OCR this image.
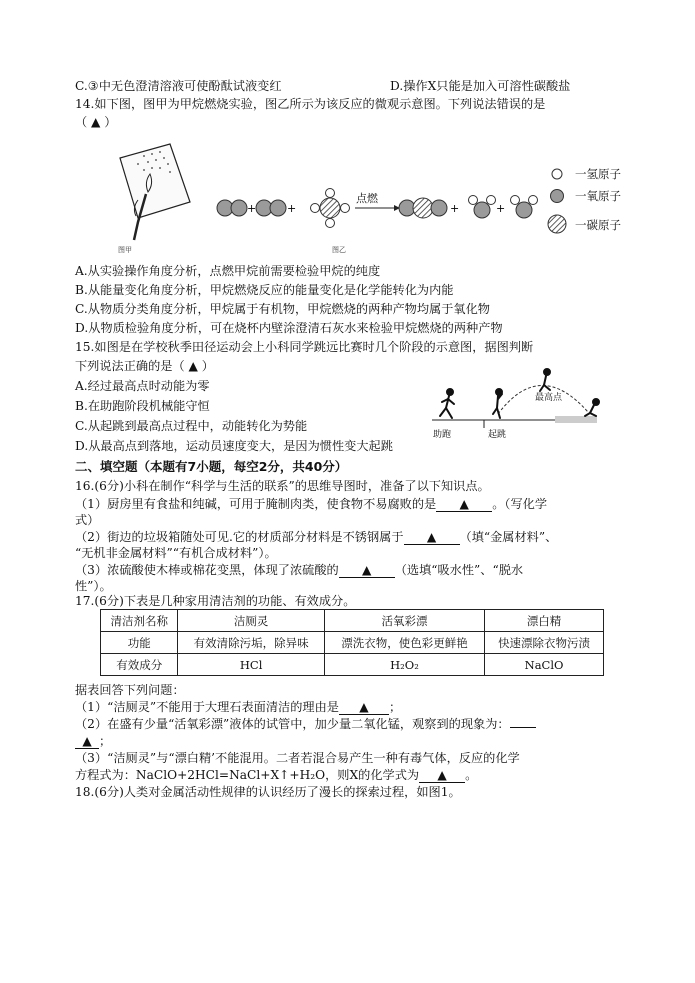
C.③中无色澄清溶液可使酚酞试液变红	D.操作X只能是加入可溶性碳酸盐
14.如下图，图甲为甲烷燃烧实验，图乙所示为该反应的微观示意图。下列说法错误的是
（ ▲ ）
图甲
+	+	+	+
点燃
图乙
一氢原子
一氧原子
一碳原子
A.从实验操作角度分析，点燃甲烷前需要检验甲烷的纯度
B.从能量变化角度分析，甲烷燃烧反应的能量变化是化学能转化为内能
C.从物质分类角度分析，甲烷属于有机物，甲烷燃烧的两种产物均属于氧化物
D.从物质检验角度分析，可在烧杯内壁涂澄清石灰水来检验甲烷燃烧的两种产物
15.如图是在学校秋季田径运动会上小科同学跳远比赛时几个阶段的示意图，据图判断
下列说法正确的是（ ▲ ）
A.经过最高点时动能为零
B.在助跑阶段机械能守恒
C.从起跳到最高点过程中，动能转化为势能
D.从最高点到落地，运动员速度变大，是因为惯性变大起跳
助跑	起跳
最高点
二、填空题（本题有7小题，每空2分，共40分）
16.(6分)小科在制作“科学与生活的联系”的思维导图时，准备了以下知识点。
（1）厨房里有食盐和纯碱，可用于腌制肉类，使食物不易腐败的是 ▲ 。（写化学
式）
（2）街边的垃圾箱随处可见.它的材质部分材料是不锈钢属于 ▲ （填“金属材料”、
“无机非金属材料”“有机合成材料”）。
（3）浓硫酸使木棒或棉花变黑，体现了浓硫酸的 ▲ （选填“吸水性”、“脱水
性”）。
17.(6分)下表是几种家用清洁剂的功能、有效成分。
清洁剂名称	洁厕灵	活氧彩漂	漂白精
功能	有效清除污垢，除异味	漂洗衣物，使色彩更鲜艳	快速漂除衣物污渍
有效成分	HCl	H₂O₂	NaClO
据表回答下列问题：
（1）“洁厕灵”不能用于大理石表面清洁的理由是 ▲ ；
（2）在盛有少量“活氧彩漂”液体的试管中，加少量二氧化锰，观察到的现象为：
▲ ；
（3）“洁厕灵”与“漂白精’不能混用。二者若混合易产生一种有毒气体，反应的化学
方程式为：NaClO+2HCl=NaCl+X↑+H₂O，则X的化学式为 ▲ 。
18.(6分)人类对金属活动性规律的认识经历了漫长的探索过程，如图1。
